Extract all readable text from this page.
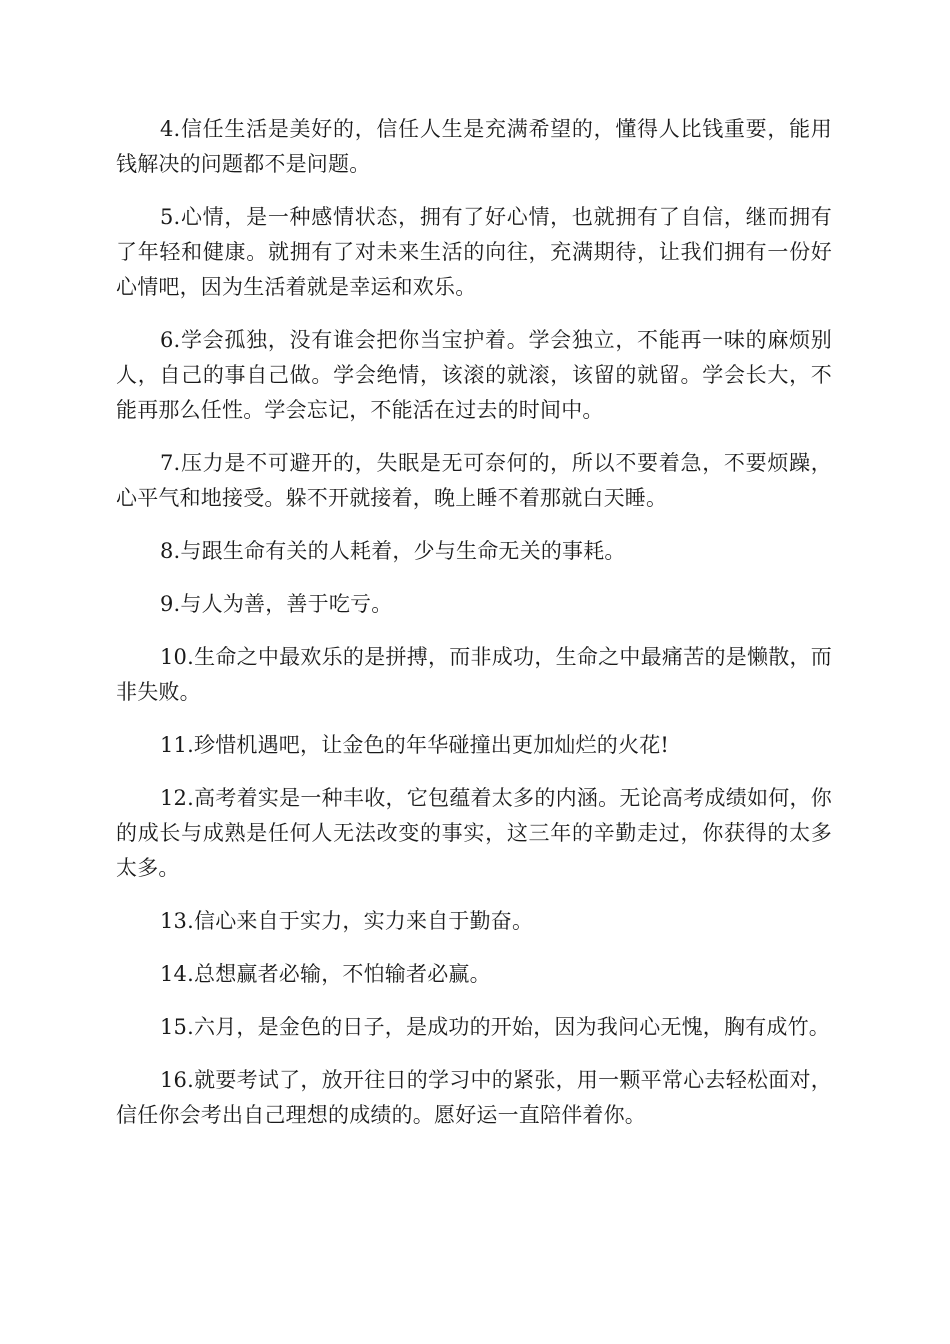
4.信任生活是美好的，信任人生是充满希望的，懂得人比钱重要，能用钱解决的问题都不是问题。

5.心情，是一种感情状态，拥有了好心情，也就拥有了自信，继而拥有了年轻和健康。就拥有了对未来生活的向往，充满期待，让我们拥有一份好心情吧，因为生活着就是幸运和欢乐。

6.学会孤独，没有谁会把你当宝护着。学会独立，不能再一味的麻烦别人，自己的事自己做。学会绝情，该滚的就滚，该留的就留。学会长大，不能再那么任性。学会忘记，不能活在过去的时间中。

7.压力是不可避开的，失眠是无可奈何的，所以不要着急，不要烦躁，心平气和地接受。躲不开就接着，晚上睡不着那就白天睡。

8.与跟生命有关的人耗着，少与生命无关的事耗。

9.与人为善，善于吃亏。

10.生命之中最欢乐的是拼搏，而非成功，生命之中最痛苦的是懒散，而非失败。

11.珍惜机遇吧，让金色的年华碰撞出更加灿烂的火花!

12.高考着实是一种丰收，它包蕴着太多的内涵。无论高考成绩如何，你的成长与成熟是任何人无法改变的事实，这三年的辛勤走过，你获得的太多太多。

13.信心来自于实力，实力来自于勤奋。

14.总想赢者必输，不怕输者必赢。

15.六月，是金色的日子，是成功的开始，因为我问心无愧，胸有成竹。

16.就要考试了，放开往日的学习中的紧张，用一颗平常心去轻松面对，信任你会考出自己理想的成绩的。愿好运一直陪伴着你。
